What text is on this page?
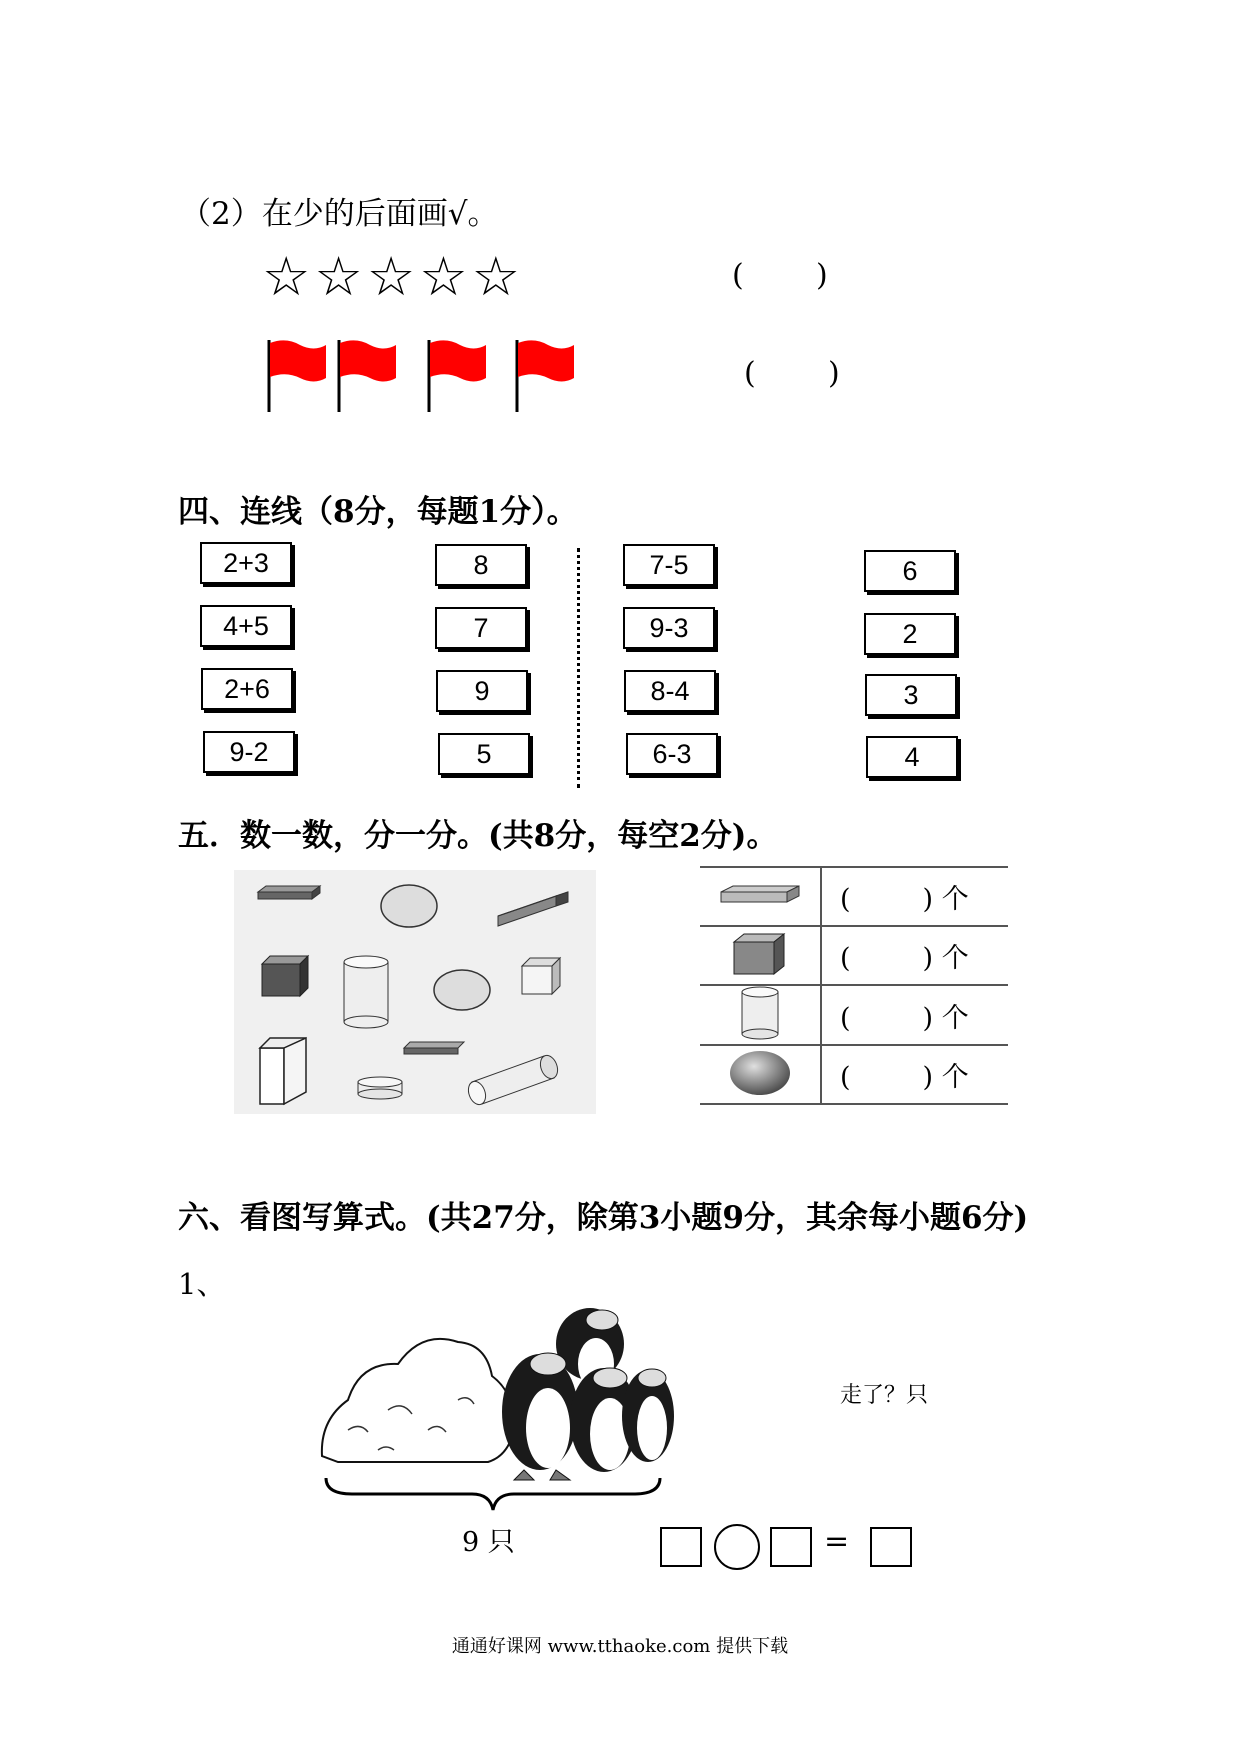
（2）在少的后面画√。
☆☆☆☆☆	( )
( )
四、连线（8分，每题1分）。
2+3
4+5
2+6
9-2
8
7
9
5
7-5
9-3
8-4
6-3
6
2
3
4
五．数一数，分一分。(共8分，每空2分)。
	( ) 个
	( ) 个
	( ) 个
	( ) 个
六、看图写算式。(共27分，除第3小题9分，其余每小题6分)
1、
走了？只
9 只	=
通通好课网 www.tthaoke.com 提供下载
